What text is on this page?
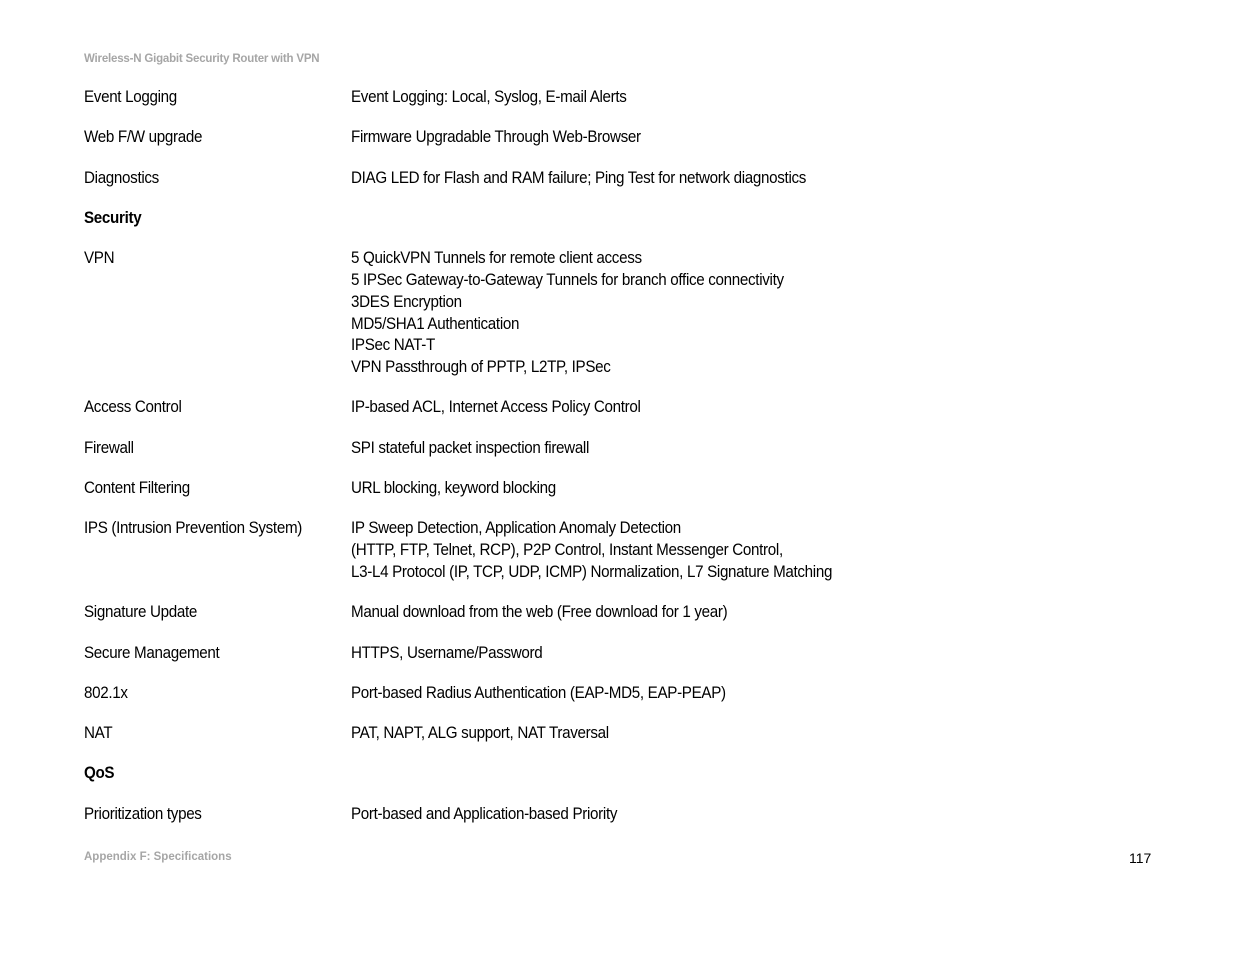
Wireless-N Gigabit Security Router with VPN
Event Logging	Event Logging: Local, Syslog, E-mail Alerts
Web F/W upgrade	Firmware Upgradable Through Web-Browser
Diagnostics	DIAG LED for Flash and RAM failure; Ping Test for network diagnostics
Security
VPN	5 QuickVPN Tunnels for remote client access
5 IPSec Gateway-to-Gateway Tunnels for branch office connectivity
3DES Encryption
MD5/SHA1 Authentication
IPSec NAT-T
VPN Passthrough of PPTP, L2TP, IPSec
Access Control	IP-based ACL, Internet Access Policy Control
Firewall	SPI stateful packet inspection firewall
Content Filtering	URL blocking, keyword blocking
IPS (Intrusion Prevention System)	IP Sweep Detection, Application Anomaly Detection
(HTTP, FTP, Telnet, RCP), P2P Control, Instant Messenger Control,
L3-L4 Protocol (IP, TCP, UDP, ICMP) Normalization, L7 Signature Matching
Signature Update	Manual download from the web (Free download for 1 year)
Secure Management	HTTPS, Username/Password
802.1x	Port-based Radius Authentication (EAP-MD5, EAP-PEAP)
NAT	PAT, NAPT, ALG support, NAT Traversal
QoS
Prioritization types	Port-based and Application-based Priority
Appendix F: Specifications	117
